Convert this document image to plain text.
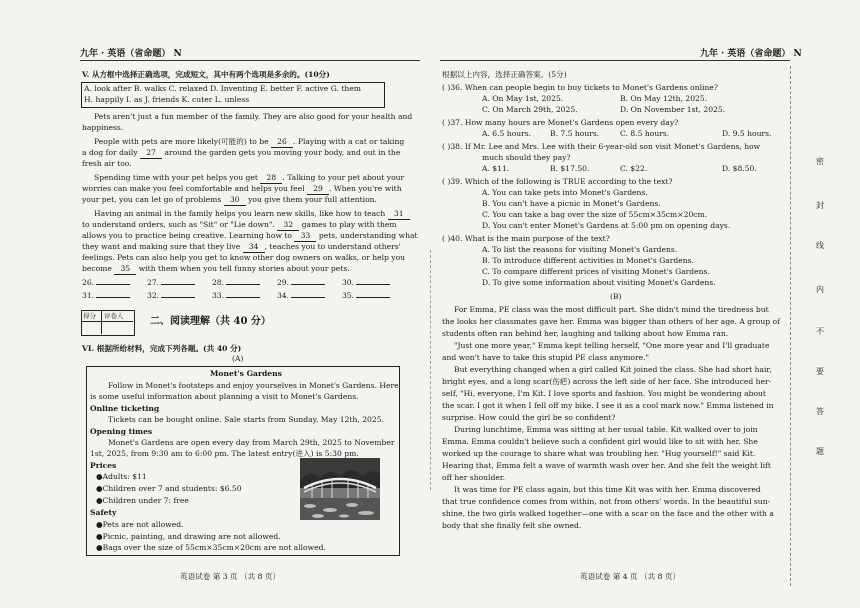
九年 · 英语（省命题） N
V. 从方框中选择正确选项，完成短文，其中有两个选项是多余的。(10分)
A. look after B. walks C. relaxed D. Inventing E. better F. active G. them
H. happily I. as J. friends K. cuter L. unless
Pets aren't just a fun member of the family. They are also good for your health and
happiness.
People with pets are more likely(可能的) to be 26 . Playing with a cat or taking
a dog for daily 27 around the garden gets you moving your body, and out in the
fresh air too.
Spending time with your pet helps you get 28 . Talking to your pet about your
worries can make you feel comfortable and helps you feel 29 . When you're with
your pet, you can let go of problems 30 you give them your full attention.
Having an animal in the family helps you learn new skills, like how to teach 31
to understand orders, such as "Sit" or "Lie down". 32 games to play with them
allows you to practice being creative. Learning how to 33 pets, understanding what
they want and making sure that they live 34 , teaches you to understand others'
feelings. Pets can also help you get to know other dog owners on walks, or help you
become 35 with them when you tell funny stories about your pets.
26.	27.	28.	29.	30.
31.	32.	33.	34.	35.
得分 评卷人	二、阅读理解（共 40 分）
VI. 根据所给材料，完成下列各题。(共 40 分)
(A)
Monet's Gardens
Follow in Monet's footsteps and enjoy yourselves in Monet's Gardens. Here
is some useful information about planning a visit to Monet's Gardens.
Online ticketing
Tickets can be bought online. Sale starts from Sunday, May 12th, 2025.
Opening times
Monet's Gardens are open every day from March 29th, 2025 to November
1st, 2025, from 9:30 am to 6:00 pm. The latest entry(进入) is 5:30 pm.
Prices
●Adults: $11
●Children over 7 and students: $6.50
●Children under 7: free
Safety
●Pets are not allowed.
●Picnic, painting, and drawing are not allowed.
●Bags over the size of 55cm×35cm×20cm are not allowed.
英语试卷 第 3 页 （共 8 页）
九年 · 英语（省命题） N
根据以上内容，选择正确答案。(5分)
( )36. When can people begin to buy tickets to Monet's Gardens online?
A. On May 1st, 2025.	B. On May 12th, 2025.
C. On March 29th, 2025.	D. On November 1st, 2025.
( )37. How many hours are Monet's Gardens open every day?
A. 6.5 hours. B. 7.5 hours.	C. 8.5 hours.	D. 9.5 hours.
( )38. If Mr. Lee and Mrs. Lee with their 6-year-old son visit Monet's Gardens, how
much should they pay?
A. $11.	B. $17.50.	C. $22.	D. $8.50.
( )39. Which of the following is TRUE according to the text?
A. You can take pets into Monet's Gardens.
B. You can't have a picnic in Monet's Gardens.
C. You can take a bag over the size of 55cm×35cm×20cm.
D. You can't enter Monet's Gardens at 5:00 pm on opening days.
( )40. What is the main purpose of the text?
A. To list the reasons for visiting Monet's Gardens.
B. To introduce different activities in Monet's Gardens.
C. To compare different prices of visiting Monet's Gardens.
D. To give some information about visiting Monet's Gardens.
(B)
For Emma, PE class was the most difficult part. She didn't mind the tiredness but
the looks her classmates gave her. Emma was bigger than others of her age. A group of
students often ran behind her, laughing and talking about how Emma ran.
"Just one more year," Emma kept telling herself, "One more year and I'll graduate
and won't have to take this stupid PE class anymore."
But everything changed when a girl called Kit joined the class. She had short hair,
bright eyes, and a long scar(伤疤) across the left side of her face. She introduced her-
self, "Hi, everyone, I'm Kit. I love sports and fashion. You might be wondering about
the scar. I got it when I fell off my bike. I see it as a cool mark now." Emma listened in
surprise. How could the girl be so confident?
During lunchtime, Emma was sitting at her usual table. Kit walked over to join
Emma. Emma couldn't believe such a confident girl would like to sit with her. She
worked up the courage to share what was troubling her. "Hug yourself!" said Kit.
Hearing that, Emma felt a wave of warmth wash over her. And she felt the weight lift
off her shoulder.
It was time for PE class again, but this time Kit was with her. Emma discovered
that true confidence comes from within, not from others' words. In the beautiful sun-
shine, the two girls walked together—one with a scar on the face and the other with a
body that she finally felt she owned.
英语试卷 第 4 页 （共 8 页）
密
封
线
内
不
要
答
题
